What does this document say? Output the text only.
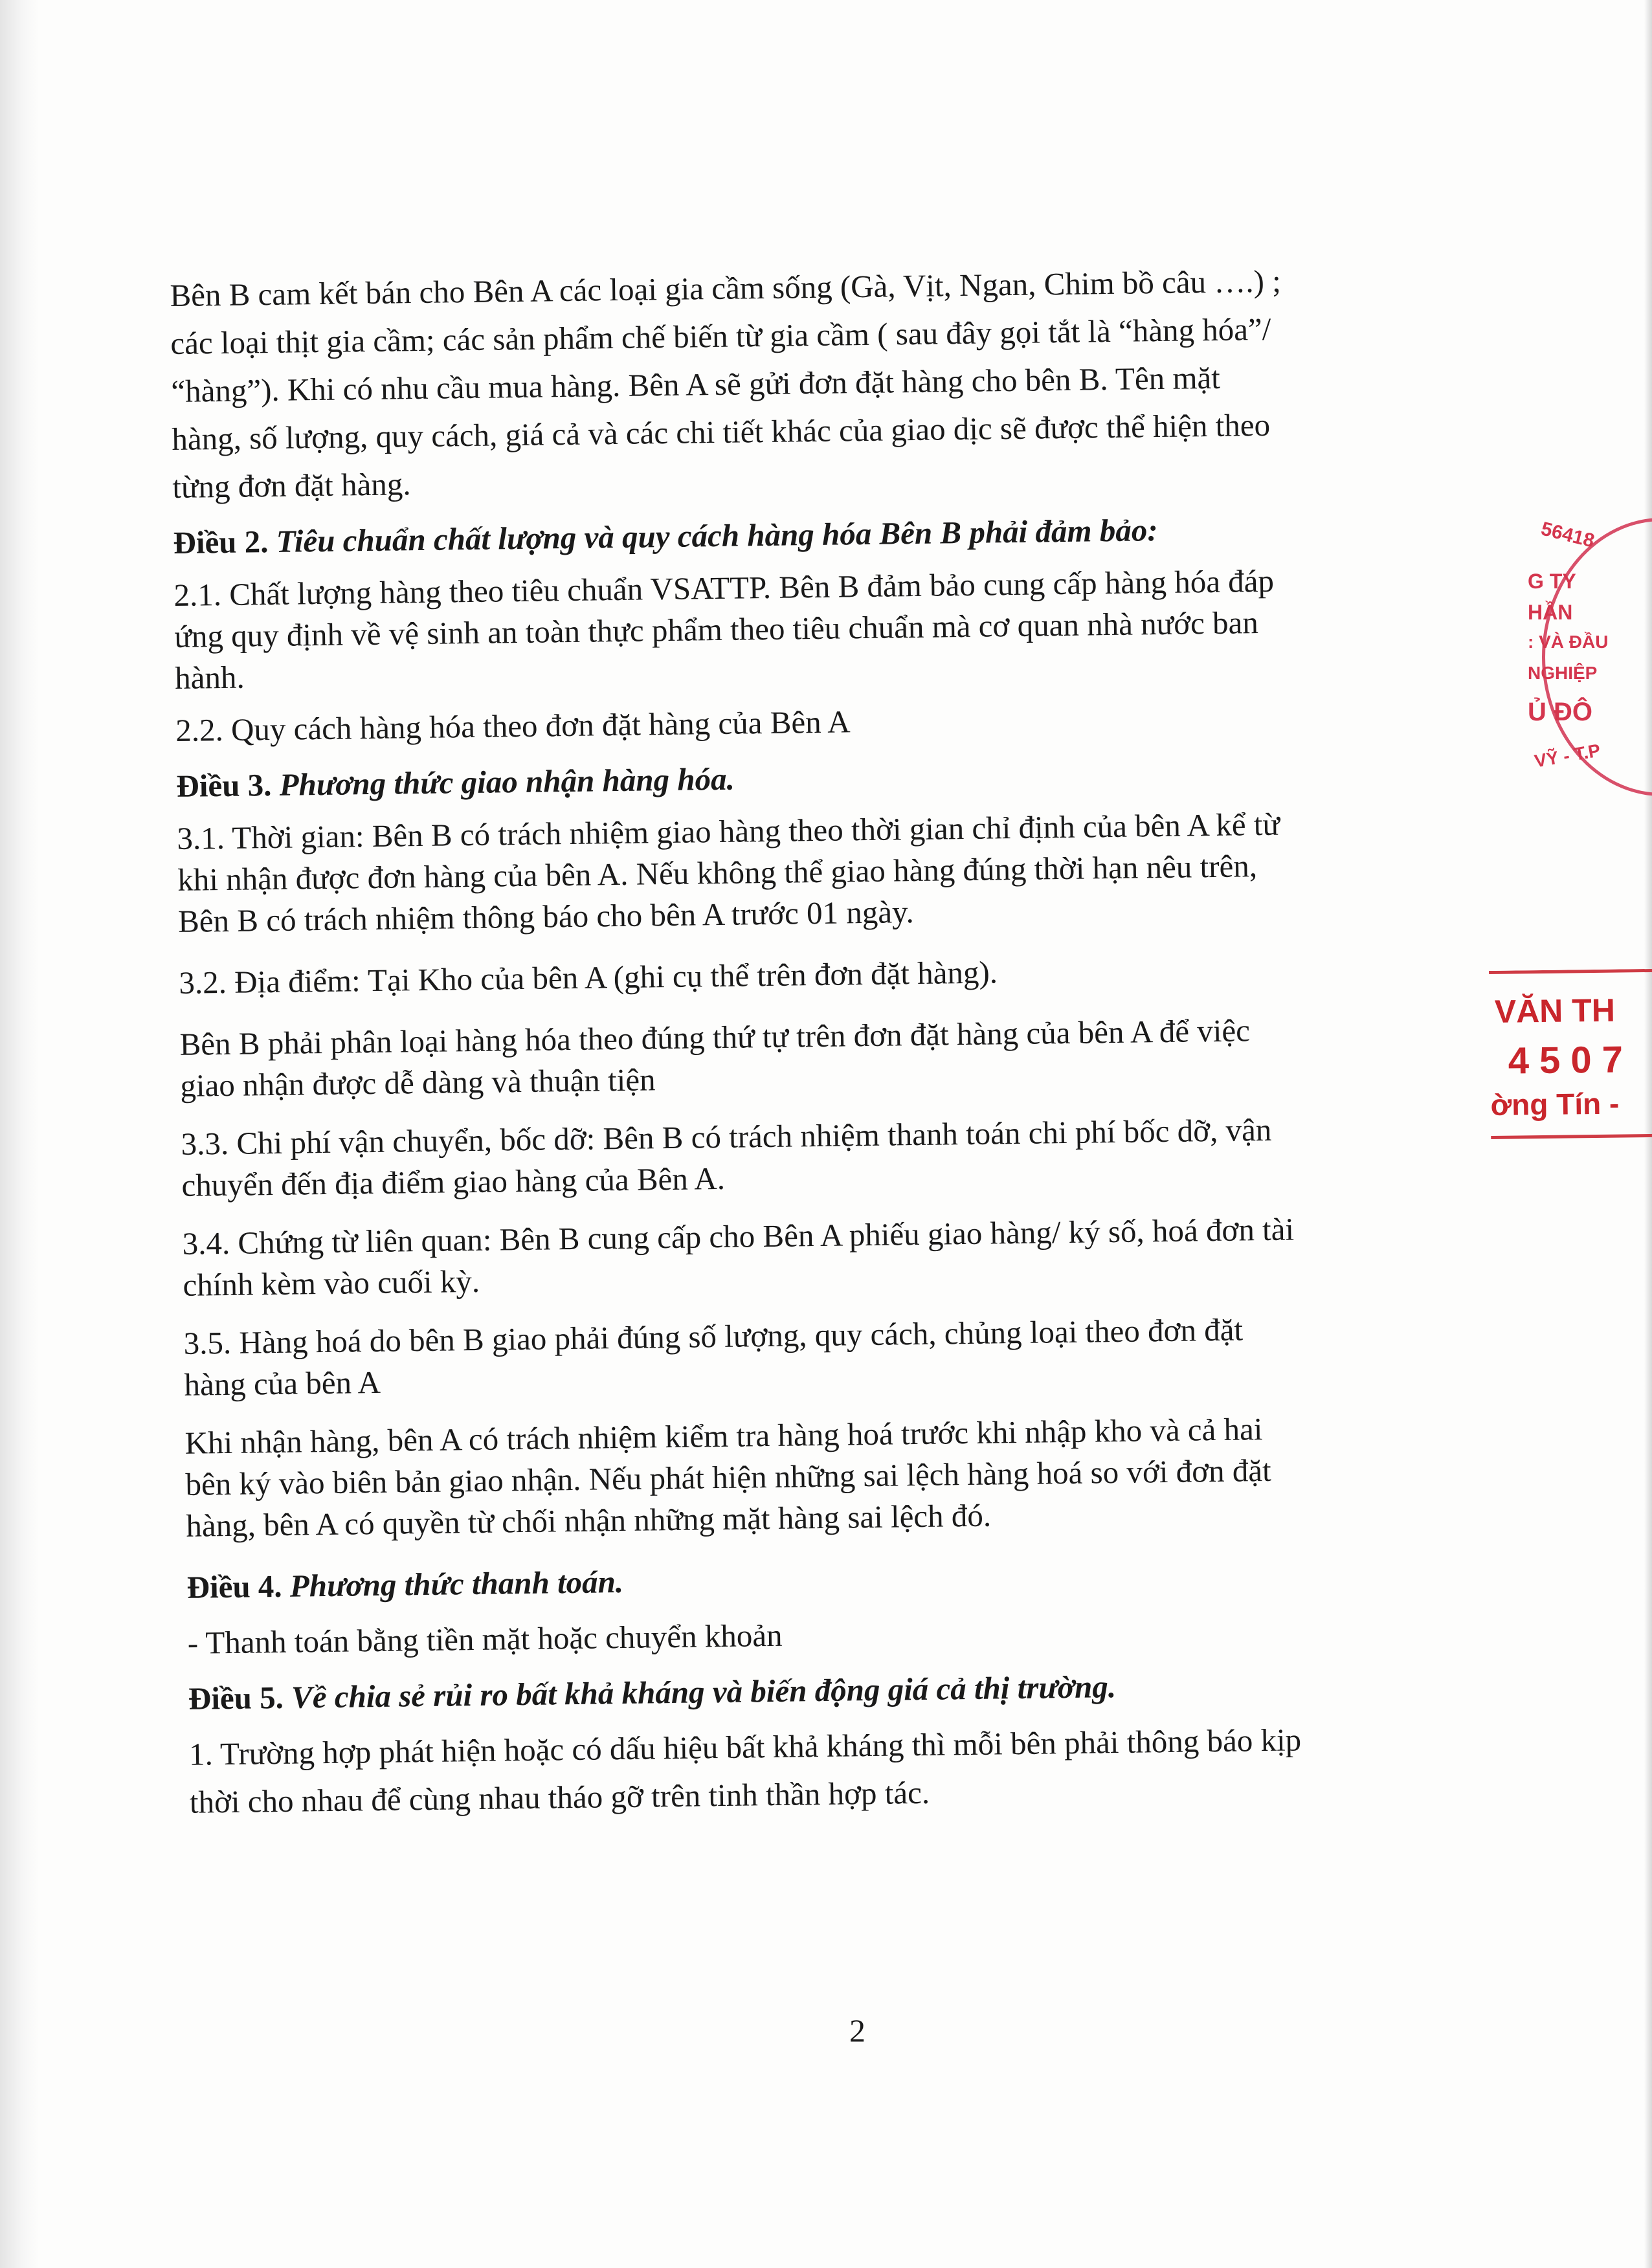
Bên B cam kết bán cho Bên A các loại gia cầm sống (Gà, Vịt, Ngan, Chim bồ câu ….) ;
các loại thịt gia cầm; các sản phẩm chế biến từ gia cầm ( sau đây gọi tắt là “hàng hóa”/
“hàng”). Khi có nhu cầu mua hàng. Bên A sẽ gửi đơn đặt hàng cho bên B. Tên mặt
hàng, số lượng, quy cách, giá cả và các chi tiết khác của giao dịc sẽ được thể hiện theo
từng đơn đặt hàng.

Điều 2. Tiêu chuẩn chất lượng và quy cách hàng hóa Bên B phải đảm bảo:

2.1. Chất lượng hàng theo tiêu chuẩn VSATTP. Bên B đảm bảo cung cấp hàng hóa đáp
ứng quy định về vệ sinh an toàn thực phẩm theo tiêu chuẩn mà cơ quan nhà nước ban
hành.

2.2. Quy cách hàng hóa theo đơn đặt hàng của Bên A

Điều 3. Phương thức giao nhận hàng hóa.

3.1. Thời gian: Bên B có trách nhiệm giao hàng theo thời gian chỉ định của bên A kể từ
khi nhận được đơn hàng của bên A. Nếu không thể giao hàng đúng thời hạn nêu trên,
Bên B có trách nhiệm thông báo cho bên A trước 01 ngày.

3.2. Địa điểm: Tại Kho của bên A (ghi cụ thể trên đơn đặt hàng).

Bên B phải phân loại hàng hóa theo đúng thứ tự trên đơn đặt hàng của bên A để việc
giao nhận được dễ dàng và thuận tiện

3.3. Chi phí vận chuyển, bốc dỡ: Bên B có trách nhiệm thanh toán chi phí bốc dỡ, vận
chuyển đến địa điểm giao hàng của Bên A.

3.4. Chứng từ liên quan: Bên B cung cấp cho Bên A phiếu giao hàng/ ký số, hoá đơn tài
chính kèm vào cuối kỳ.

3.5. Hàng hoá do bên B giao phải đúng số lượng, quy cách, chủng loại theo đơn đặt
hàng của bên A

Khi nhận hàng, bên A có trách nhiệm kiểm tra hàng hoá trước khi nhập kho và cả hai
bên ký vào biên bản giao nhận. Nếu phát hiện những sai lệch hàng hoá so với đơn đặt
hàng, bên A có quyền từ chối nhận những mặt hàng sai lệch đó.

Điều 4. Phương thức thanh toán.

- Thanh toán bằng tiền mặt hoặc chuyển khoản

Điều 5. Về chia sẻ rủi ro bất khả kháng và biến động giá cả thị trường.

1. Trường hợp phát hiện hoặc có dấu hiệu bất khả kháng thì mỗi bên phải thông báo kịp
thời cho nhau để cùng nhau tháo gỡ trên tinh thần hợp tác.

2
56418
G TY
HẦN
: VÀ ĐẦU
NGHIỆP
Ủ ĐÔ
VỸ - T.P
VĂN TH
4 5 0 7
ờng Tín -
